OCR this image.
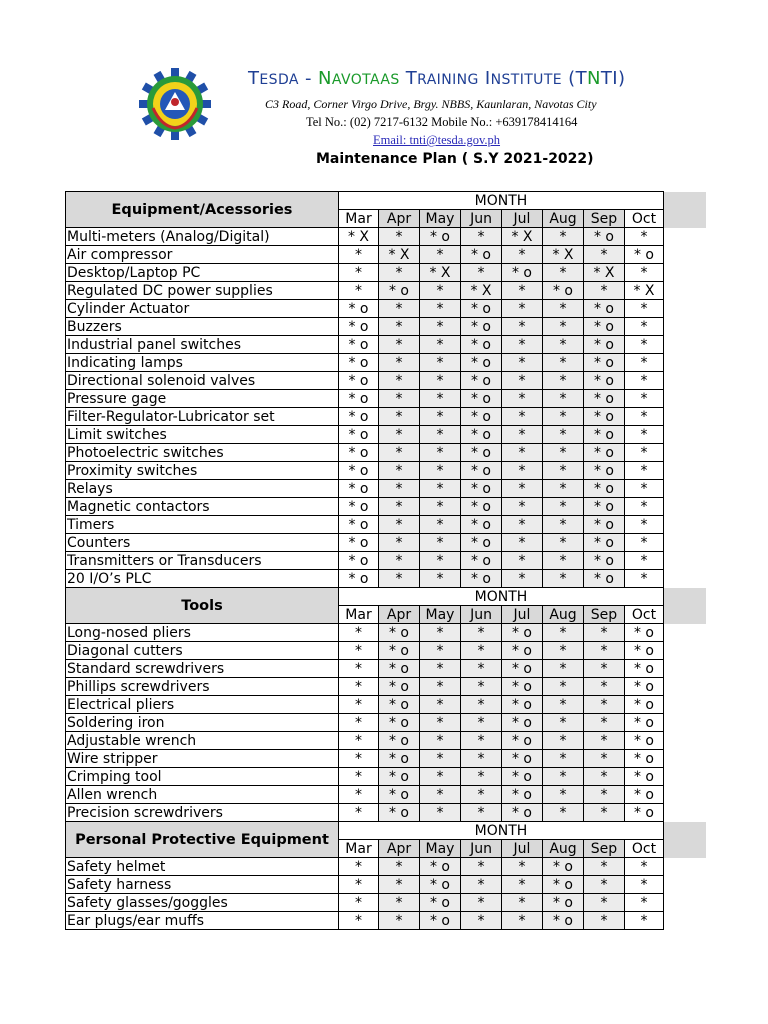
TESDA - NAVOTAAS TRAINING INSTITUTE (TNTI)
C3 Road, Corner Virgo Drive, Brgy. NBBS, Kaunlaran, Navotas City
Tel No.: (02) 7217-6132 Mobile No.: +639178414164
Email: tnti@tesda.gov.ph
Maintenance Plan ( S.Y 2021-2022)
Equipment/Acessories	MONTH							
	Mar	Apr	May	Jun	Jul	Aug	Sep	Oct
Multi-meters (Analog/Digital)	* X	*	* o	*	* X	*	* o	*
Air compressor	*	* X	*	* o	*	* X	*	* o
Desktop/Laptop PC	*	*	* X	*	* o	*	* X	*
Regulated DC power supplies	*	* o	*	* X	*	* o	*	* X
Cylinder Actuator	* o	*	*	* o	*	*	* o	*
Buzzers	* o	*	*	* o	*	*	* o	*
Industrial panel switches	* o	*	*	* o	*	*	* o	*
Indicating lamps	* o	*	*	* o	*	*	* o	*
Directional solenoid valves	* o	*	*	* o	*	*	* o	*
Pressure gage	* o	*	*	* o	*	*	* o	*
Filter-Regulator-Lubricator set	* o	*	*	* o	*	*	* o	*
Limit switches	* o	*	*	* o	*	*	* o	*
Photoelectric switches	* o	*	*	* o	*	*	* o	*
Proximity switches	* o	*	*	* o	*	*	* o	*
Relays	* o	*	*	* o	*	*	* o	*
Magnetic contactors	* o	*	*	* o	*	*	* o	*
Timers	* o	*	*	* o	*	*	* o	*
Counters	* o	*	*	* o	*	*	* o	*
Transmitters or Transducers	* o	*	*	* o	*	*	* o	*
20 I/O’s PLC	* o	*	*	* o	*	*	* o	*
Tools	MONTH							
	Mar	Apr	May	Jun	Jul	Aug	Sep	Oct
Long-nosed pliers	*	* o	*	*	* o	*	*	* o
Diagonal cutters	*	* o	*	*	* o	*	*	* o
Standard screwdrivers	*	* o	*	*	* o	*	*	* o
Phillips screwdrivers	*	* o	*	*	* o	*	*	* o
Electrical pliers	*	* o	*	*	* o	*	*	* o
Soldering iron	*	* o	*	*	* o	*	*	* o
Adjustable wrench	*	* o	*	*	* o	*	*	* o
Wire stripper	*	* o	*	*	* o	*	*	* o
Crimping tool	*	* o	*	*	* o	*	*	* o
Allen wrench	*	* o	*	*	* o	*	*	* o
Precision screwdrivers	*	* o	*	*	* o	*	*	* o
Personal Protective Equipment	MONTH							
	Mar	Apr	May	Jun	Jul	Aug	Sep	Oct
Safety helmet	*	*	* o	*	*	* o	*	*
Safety harness	*	*	* o	*	*	* o	*	*
Safety glasses/goggles	*	*	* o	*	*	* o	*	*
Ear plugs/ear muffs	*	*	* o	*	*	* o	*	*
